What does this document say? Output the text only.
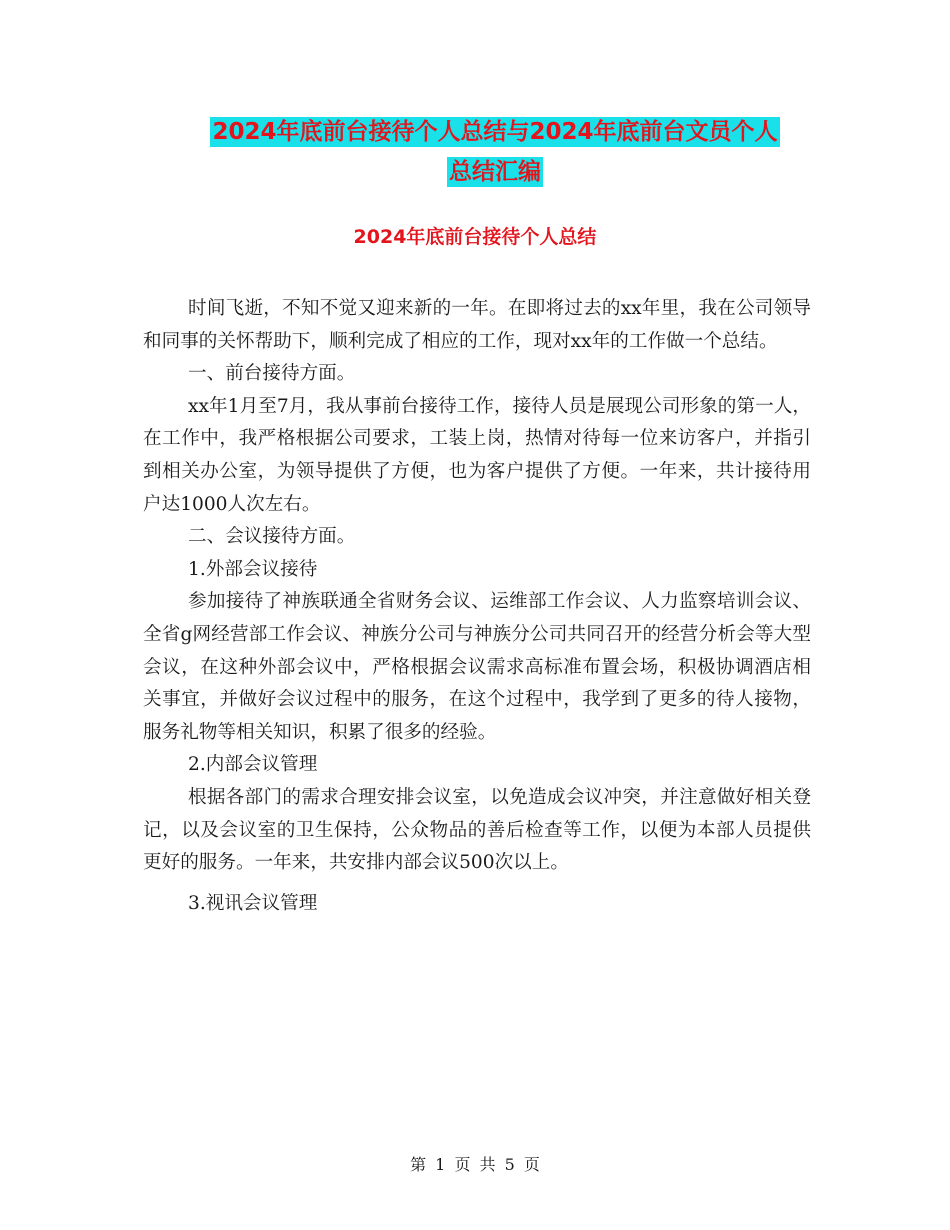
2024年底前台接待个人总结与2024年底前台文员个人
总结汇编
2024年底前台接待个人总结

时间飞逝，不知不觉又迎来新的一年。在即将过去的xx年里，我在公司领导和同事的关怀帮助下，顺利完成了相应的工作，现对xx年的工作做一个总结。

一、前台接待方面。

xx年1月至7月，我从事前台接待工作，接待人员是展现公司形象的第一人，在工作中，我严格根据公司要求，工装上岗，热情对待每一位来访客户，并指引到相关办公室，为领导提供了方便，也为客户提供了方便。一年来，共计接待用户达1000人次左右。

二、会议接待方面。

1.外部会议接待

参加接待了神族联通全省财务会议、运维部工作会议、人力监察培训会议、全省g网经营部工作会议、神族分公司与神族分公司共同召开的经营分析会等大型会议，在这种外部会议中，严格根据会议需求高标准布置会场，积极协调酒店相关事宜，并做好会议过程中的服务，在这个过程中，我学到了更多的待人接物，服务礼物等相关知识，积累了很多的经验。

2.内部会议管理

根据各部门的需求合理安排会议室，以免造成会议冲突，并注意做好相关登记，以及会议室的卫生保持，公众物品的善后检查等工作，以便为本部人员提供更好的服务。一年来，共安排内部会议500次以上。

3.视讯会议管理

第 1 页 共 5 页
